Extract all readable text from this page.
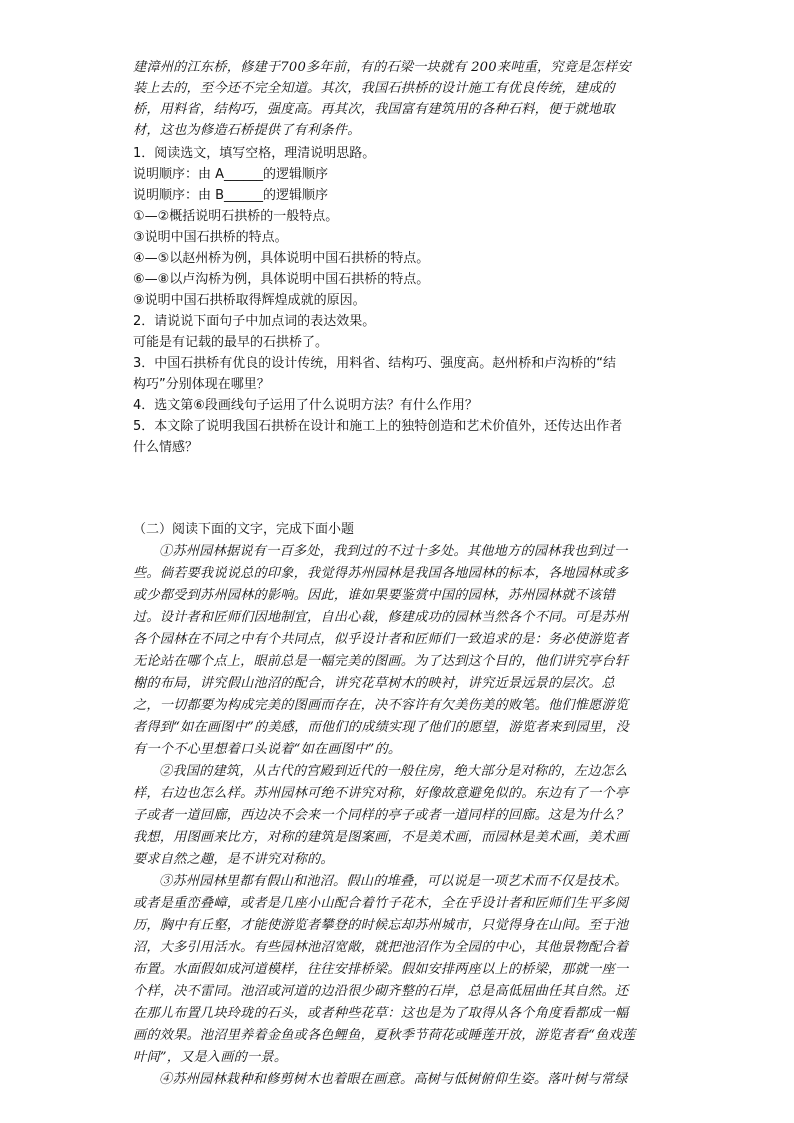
建漳州的江东桥，修建于700多年前，有的石梁一块就有 200来吨重，究竟是怎样安
装上去的，至今还不完全知道。其次，我国石拱桥的设计施工有优良传统，建成的
桥，用料省，结构巧，强度高。再其次，我国富有建筑用的各种石料，便于就地取
材，这也为修造石桥提供了有利条件。
1．阅读选文，填写空格，理清说明思路。
说明顺序：由 A______的逻辑顺序
说明顺序：由 B______的逻辑顺序
①—②概括说明石拱桥的一般特点。
③说明中国石拱桥的特点。
④—⑤以赵州桥为例，具体说明中国石拱桥的特点。
⑥—⑧以卢沟桥为例，具体说明中国石拱桥的特点。
⑨说明中国石拱桥取得辉煌成就的原因。
2．请说说下面句子中加点词的表达效果。
可能是有记载的最早的石拱桥了。
3．中国石拱桥有优良的设计传统，用料省、结构巧、强度高。赵州桥和卢沟桥的“结
构巧”分别体现在哪里？
4．选文第⑥段画线句子运用了什么说明方法？有什么作用？
5．本文除了说明我国石拱桥在设计和施工上的独特创造和艺术价值外，还传达出作者
什么情感？
（二）阅读下面的文字，完成下面小题
①苏州园林据说有一百多处，我到过的不过十多处。其他地方的园林我也到过一
些。倘若要我说说总的印象，我觉得苏州园林是我国各地园林的标本，各地园林或多
或少都受到苏州园林的影响。因此，谁如果要鉴赏中国的园林，苏州园林就不该错
过。设计者和匠师们因地制宜，自出心裁，修建成功的园林当然各个不同。可是苏州
各个园林在不同之中有个共同点，似乎设计者和匠师们一致追求的是：务必使游览者
无论站在哪个点上，眼前总是一幅完美的图画。为了达到这个目的，他们讲究亭台轩
榭的布局，讲究假山池沼的配合，讲究花草树木的映衬，讲究近景远景的层次。总
之，一切都要为构成完美的图画而存在，决不容许有欠美伤美的败笔。他们惟愿游览
者得到“如在画图中”的美感，而他们的成绩实现了他们的愿望，游览者来到园里，没
有一个不心里想着口头说着“如在画图中”的。
②我国的建筑，从古代的宫殿到近代的一般住房，绝大部分是对称的，左边怎么
样，右边也怎么样。苏州园林可绝不讲究对称，好像故意避免似的。东边有了一个亭
子或者一道回廊，西边决不会来一个同样的亭子或者一道同样的回廊。这是为什么？
我想，用图画来比方，对称的建筑是图案画，不是美术画，而园林是美术画，美术画
要求自然之趣，是不讲究对称的。
③苏州园林里都有假山和池沼。假山的堆叠，可以说是一项艺术而不仅是技术。
或者是重峦叠嶂，或者是几座小山配合着竹子花木，全在乎设计者和匠师们生平多阅
历，胸中有丘壑，才能使游览者攀登的时候忘却苏州城市，只觉得身在山间。至于池
沼，大多引用活水。有些园林池沼宽敞，就把池沼作为全园的中心，其他景物配合着
布置。水面假如成河道模样，往往安排桥梁。假如安排两座以上的桥梁，那就一座一
个样，决不雷同。池沼或河道的边沿很少砌齐整的石岸，总是高低屈曲任其自然。还
在那儿布置几块玲珑的石头，或者种些花草：这也是为了取得从各个角度看都成一幅
画的效果。池沼里养着金鱼或各色鲤鱼，夏秋季节荷花或睡莲开放，游览者看“鱼戏莲
叶间”，又是入画的一景。
④苏州园林栽种和修剪树木也着眼在画意。高树与低树俯仰生姿。落叶树与常绿
